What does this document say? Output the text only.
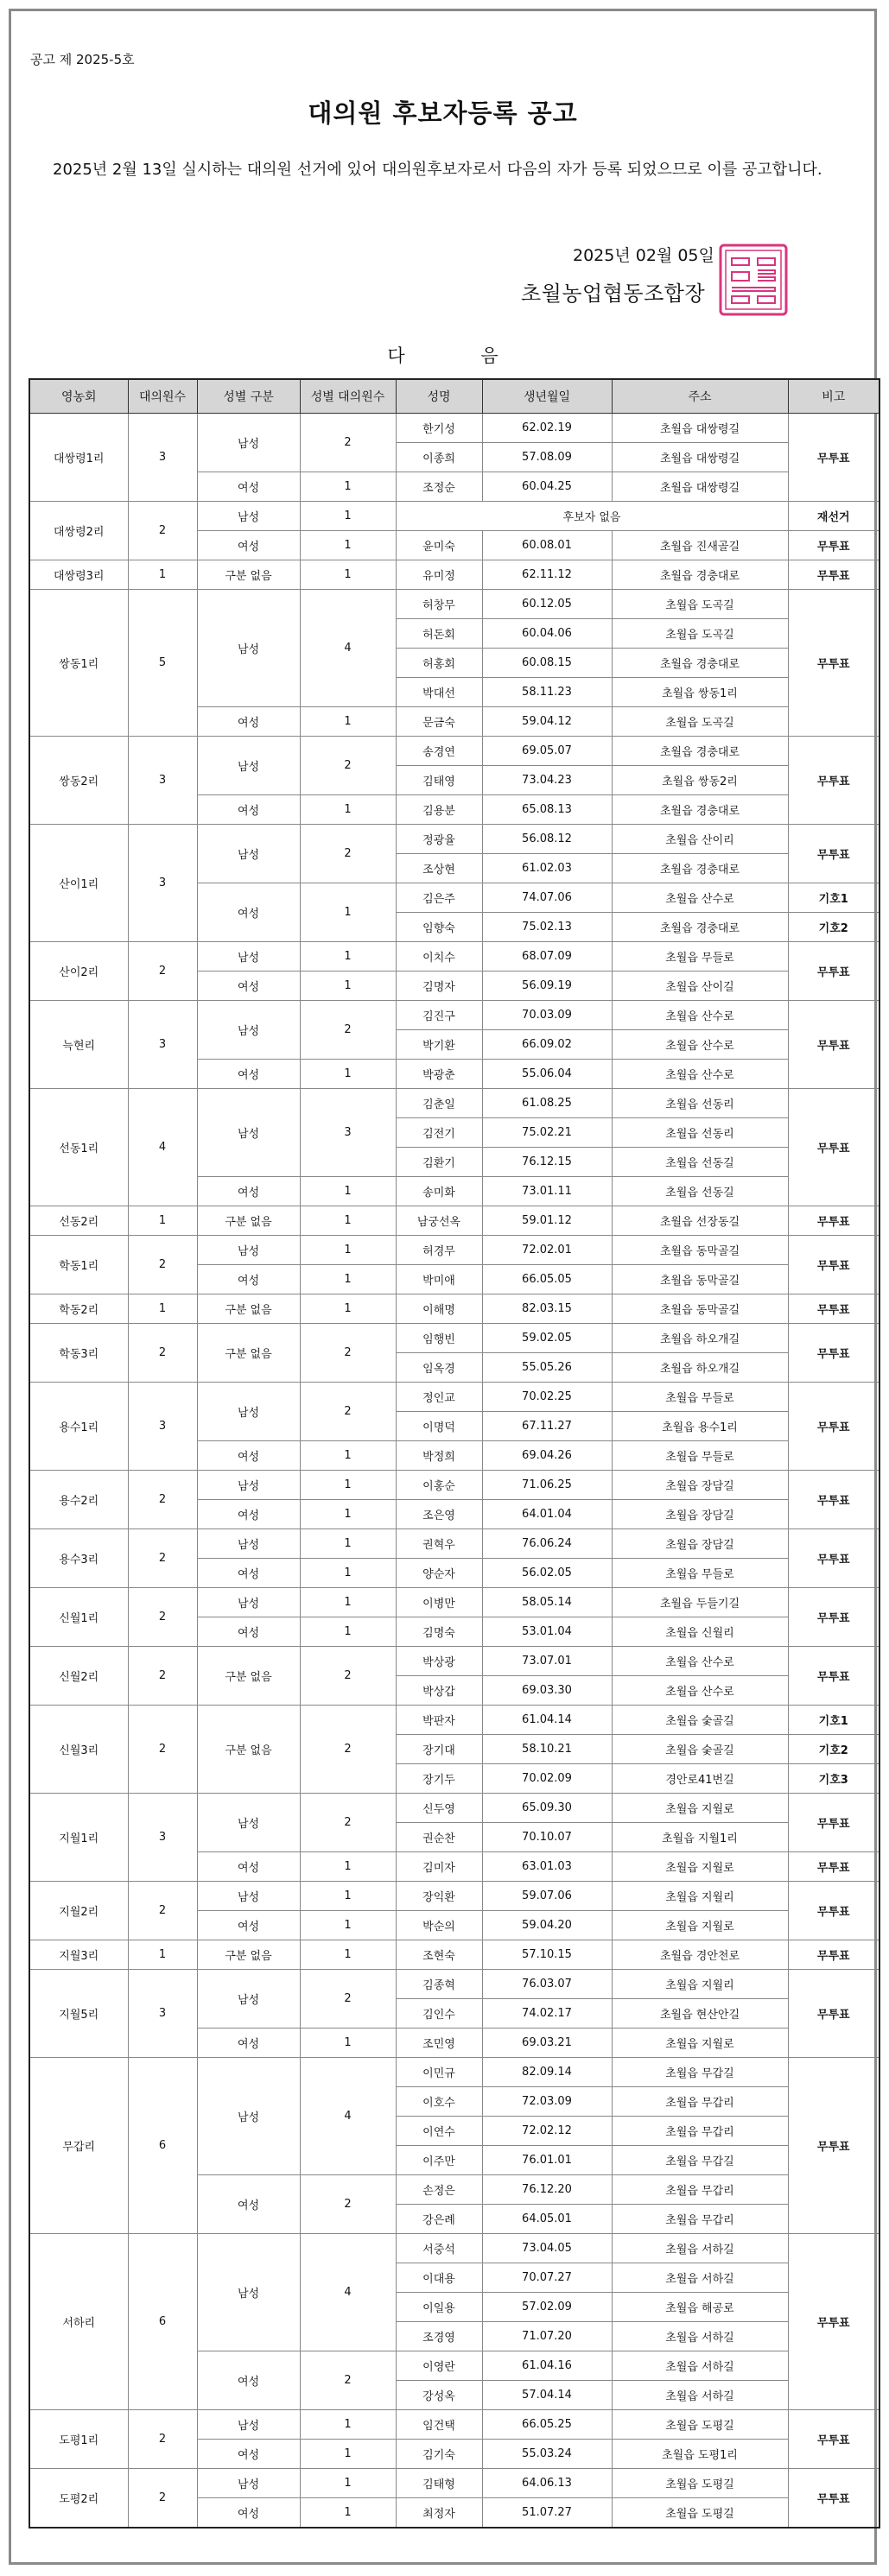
공고 제 2025-5호
대의원 후보자등록 공고
2025년 2월 13일 실시하는 대의원 선거에 있어 대의원후보자로서 다음의 자가 등록 되었으므로 이를 공고합니다.
2025년 02월 05일
초월농업협동조합장
다	음
영농회	대의원수	성별 구분	성별 대의원수	성명	생년월일	주소	비고
대쌍령1리	3	남성	2	한기성	62.02.19	초월읍 대쌍령길	무투표
				이종희	57.08.09	초월읍 대쌍령길	
		여성	1	조정순	60.04.25	초월읍 대쌍령길	
대쌍령2리	2	남성	1	후보자 없음			재선거
		여성	1	윤미숙	60.08.01	초월읍 진새골길	무투표
대쌍령3리	1	구분 없음	1	유미정	62.11.12	초월읍 경충대로	무투표
쌍동1리	5	남성	4	허창무	60.12.05	초월읍 도곡길	무투표
				허돈회	60.04.06	초월읍 도곡길	
				허홍회	60.08.15	초월읍 경충대로	
				박대선	58.11.23	초월읍 쌍동1리	
		여성	1	문금숙	59.04.12	초월읍 도곡길	
쌍동2리	3	남성	2	송경연	69.05.07	초월읍 경충대로	무투표
				김태영	73.04.23	초월읍 쌍동2리	
		여성	1	김용분	65.08.13	초월읍 경충대로	
산이1리	3	남성	2	정광율	56.08.12	초월읍 산이리	무투표
				조상현	61.02.03	초월읍 경충대로	
		여성	1	김은주	74.07.06	초월읍 산수로	기호1
				임향숙	75.02.13	초월읍 경충대로	기호2
산이2리	2	남성	1	이치수	68.07.09	초월읍 무들로	무투표
		여성	1	김명자	56.09.19	초월읍 산이길	
늑현리	3	남성	2	김진구	70.03.09	초월읍 산수로	무투표
				박기환	66.09.02	초월읍 산수로	
		여성	1	박광춘	55.06.04	초월읍 산수로	
선동1리	4	남성	3	김춘일	61.08.25	초월읍 선동리	무투표
				김전기	75.02.21	초월읍 선동리	
				김환기	76.12.15	초월읍 선동길	
		여성	1	송미화	73.01.11	초월읍 선동길	
선동2리	1	구분 없음	1	남궁선옥	59.01.12	초월읍 선장동길	무투표
학동1리	2	남성	1	허경무	72.02.01	초월읍 동막골길	무투표
		여성	1	박미애	66.05.05	초월읍 동막골길	
학동2리	1	구분 없음	1	이해명	82.03.15	초월읍 동막골길	무투표
학동3리	2	구분 없음	2	임행빈	59.02.05	초월읍 하오개길	무투표
				임옥경	55.05.26	초월읍 하오개길	
용수1리	3	남성	2	정인교	70.02.25	초월읍 무들로	무투표
				이명덕	67.11.27	초월읍 용수1리	
		여성	1	박정희	69.04.26	초월읍 무들로	
용수2리	2	남성	1	이홍순	71.06.25	초월읍 장담길	무투표
		여성	1	조은영	64.01.04	초월읍 장담길	
용수3리	2	남성	1	권혁우	76.06.24	초월읍 장담길	무투표
		여성	1	양순자	56.02.05	초월읍 무들로	
신월1리	2	남성	1	이병만	58.05.14	초월읍 두들기길	무투표
		여성	1	김명숙	53.01.04	초월읍 신월리	
신월2리	2	구분 없음	2	박상광	73.07.01	초월읍 산수로	무투표
				박상갑	69.03.30	초월읍 산수로	
신월3리	2	구분 없음	2	박판자	61.04.14	초월읍 숯골길	기호1
				장기대	58.10.21	초월읍 숯골길	기호2
				장기두	70.02.09	경안로41번길	기호3
지월1리	3	남성	2	신두영	65.09.30	초월읍 지월로	무투표
				권순찬	70.10.07	초월읍 지월1리	
		여성	1	김미자	63.01.03	초월읍 지월로	무투표
지월2리	2	남성	1	장익환	59.07.06	초월읍 지월리	무투표
		여성	1	박순의	59.04.20	초월읍 지월로	
지월3리	1	구분 없음	1	조현숙	57.10.15	초월읍 경안천로	무투표
지월5리	3	남성	2	김종혁	76.03.07	초월읍 지월리	무투표
				김인수	74.02.17	초월읍 현산안길	
		여성	1	조민영	69.03.21	초월읍 지월로	
무갑리	6	남성	4	이민규	82.09.14	초월읍 무갑길	무투표
				이호수	72.03.09	초월읍 무갑리	
				이연수	72.02.12	초월읍 무갑리	
				이주만	76.01.01	초월읍 무갑길	
		여성	2	손정은	76.12.20	초월읍 무갑리	
				강은례	64.05.01	초월읍 무갑리	
서하리	6	남성	4	서중석	73.04.05	초월읍 서하길	무투표
				이대용	70.07.27	초월읍 서하길	
				이일용	57.02.09	초월읍 해공로	
				조경영	71.07.20	초월읍 서하길	
		여성	2	이영란	61.04.16	초월읍 서하길	
				강성옥	57.04.14	초월읍 서하길	
도평1리	2	남성	1	임건택	66.05.25	초월읍 도평길	무투표
		여성	1	김기숙	55.03.24	초월읍 도평1리	
도평2리	2	남성	1	김태형	64.06.13	초월읍 도평길	무투표
		여성	1	최정자	51.07.27	초월읍 도평길	
